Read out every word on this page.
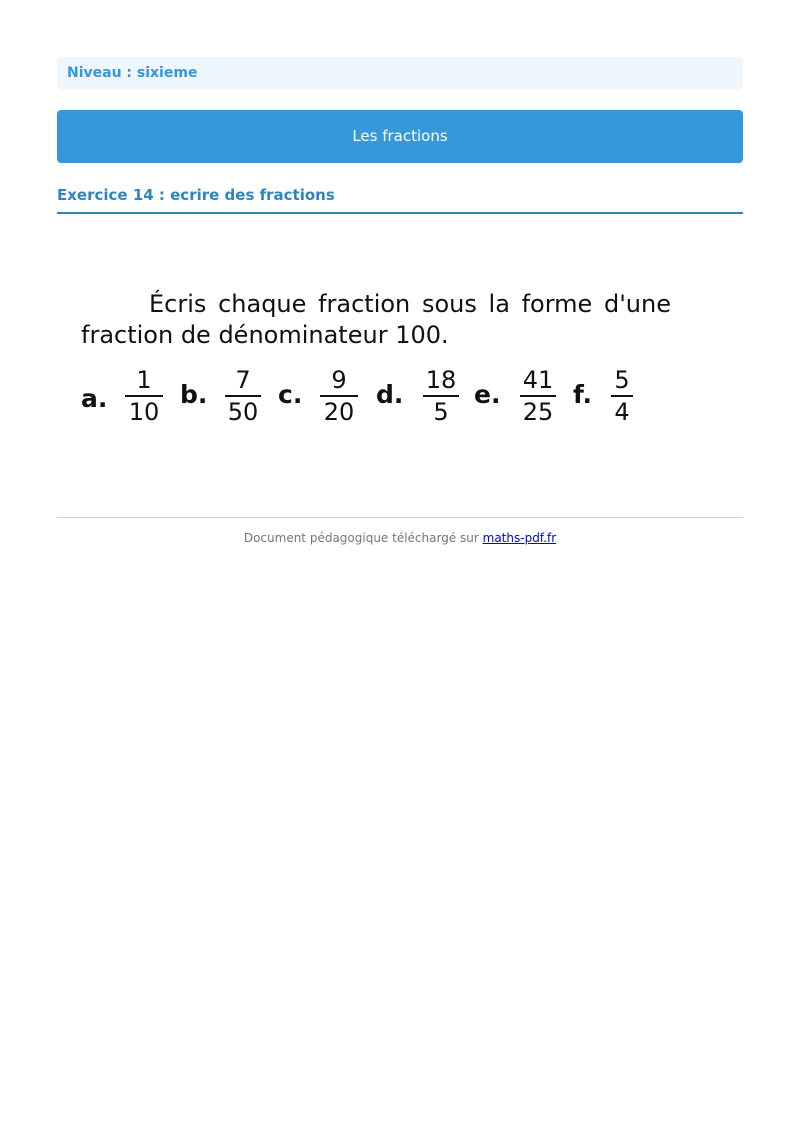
Niveau : sixieme
Les fractions
Exercice 14 : ecrire des fractions
Écris chaque fraction sous la forme d'une fraction de dénominateur 100.
a.
1
10
b.	7
50
c.	9
20
d. 18
5
e. 41
25
f. 5
4
Document pédagogique téléchargé sur maths-pdf.fr
